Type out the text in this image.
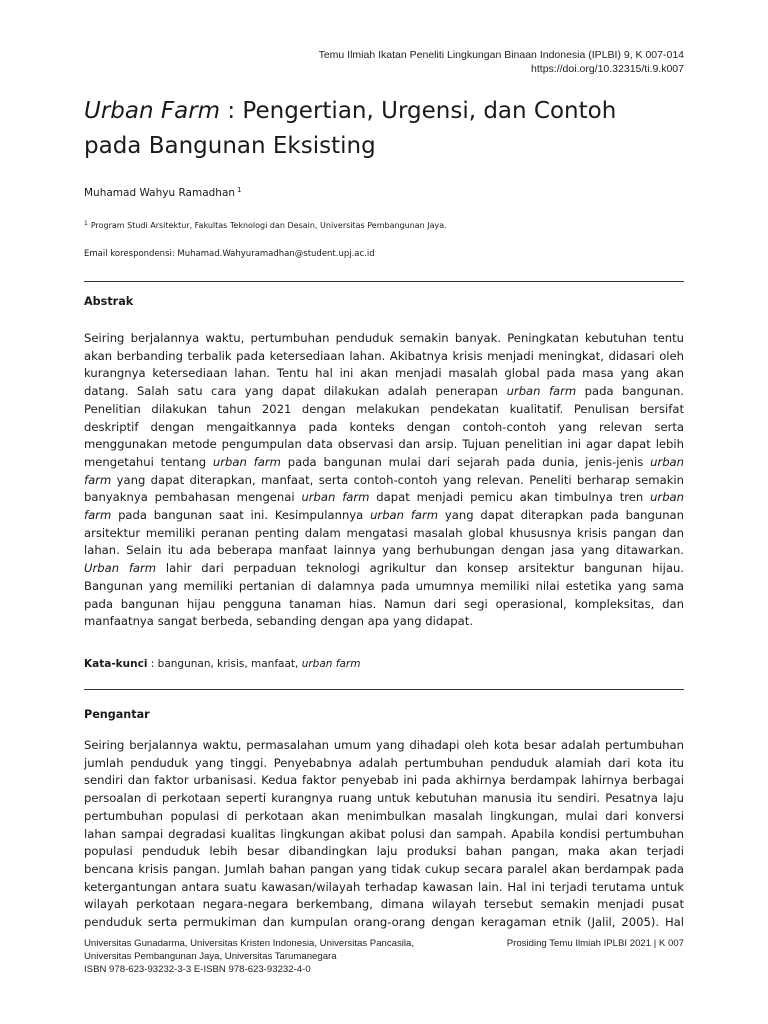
Temu Ilmiah Ikatan Peneliti Lingkungan Binaan Indonesia (IPLBI) 9, K 007-014
https://doi.org/10.32315/ti.9.k007
Urban Farm : Pengertian, Urgensi, dan Contoh
pada Bangunan Eksisting
Muhamad Wahyu Ramadhan $^1$
$^1$ Program Studi Arsitektur, Fakultas Teknologi dan Desain, Universitas Pembangunan Jaya.
Email korespondensi: Muhamad.Wahyuramadhan@student.upj.ac.id
Abstrak
Seiring berjalannya waktu, pertumbuhan penduduk semakin banyak. Peningkatan kebutuhan tentu
akan berbanding terbalik pada ketersediaan lahan. Akibatnya krisis menjadi meningkat, didasari oleh
kurangnya ketersediaan lahan. Tentu hal ini akan menjadi masalah global pada masa yang akan
datang. Salah satu cara yang dapat dilakukan adalah penerapan urban farm pada bangunan.
Penelitian dilakukan tahun 2021 dengan melakukan pendekatan kualitatif. Penulisan bersifat
deskriptif dengan mengaitkannya pada konteks dengan contoh-contoh yang relevan serta
menggunakan metode pengumpulan data observasi dan arsip. Tujuan penelitian ini agar dapat lebih
mengetahui tentang urban farm pada bangunan mulai dari sejarah pada dunia, jenis-jenis urban
farm yang dapat diterapkan, manfaat, serta contoh-contoh yang relevan. Peneliti berharap semakin
banyaknya pembahasan mengenai urban farm dapat menjadi pemicu akan timbulnya tren urban
farm pada bangunan saat ini. Kesimpulannya urban farm yang dapat diterapkan pada bangunan
arsitektur memiliki peranan penting dalam mengatasi masalah global khususnya krisis pangan dan
lahan. Selain itu ada beberapa manfaat lainnya yang berhubungan dengan jasa yang ditawarkan.
Urban farm lahir dari perpaduan teknologi agrikultur dan konsep arsitektur bangunan hijau.
Bangunan yang memiliki pertanian di dalamnya pada umumnya memiliki nilai estetika yang sama
pada bangunan hijau pengguna tanaman hias. Namun dari segi operasional, kompleksitas, dan
manfaatnya sangat berbeda, sebanding dengan apa yang didapat.
Kata-kunci : bangunan, krisis, manfaat, urban farm
Pengantar
Seiring berjalannya waktu, permasalahan umum yang dihadapi oleh kota besar adalah pertumbuhan
jumlah penduduk yang tinggi. Penyebabnya adalah pertumbuhan penduduk alamiah dari kota itu
sendiri dan faktor urbanisasi. Kedua faktor penyebab ini pada akhirnya berdampak lahirnya berbagai
persoalan di perkotaan seperti kurangnya ruang untuk kebutuhan manusia itu sendiri. Pesatnya laju
pertumbuhan populasi di perkotaan akan menimbulkan masalah lingkungan, mulai dari konversi
lahan sampai degradasi kualitas lingkungan akibat polusi dan sampah. Apabila kondisi pertumbuhan
populasi penduduk lebih besar dibandingkan laju produksi bahan pangan, maka akan terjadi
bencana krisis pangan. Jumlah bahan pangan yang tidak cukup secara paralel akan berdampak pada
ketergantungan antara suatu kawasan/wilayah terhadap kawasan lain. Hal ini terjadi terutama untuk
wilayah perkotaan negara-negara berkembang, dimana wilayah tersebut semakin menjadi pusat
penduduk serta permukiman dan kumpulan orang-orang dengan keragaman etnik (Jalil, 2005). Hal
Universitas Gunadarma, Universitas Kristen Indonesia, Universitas Pancasila,
Universitas Pembangunan Jaya, Universitas Tarumanegara
ISBN 978-623-93232-3-3 E-ISBN 978-623-93232-4-0
Prosiding Temu Ilmiah IPLBI 2021 | K 007
